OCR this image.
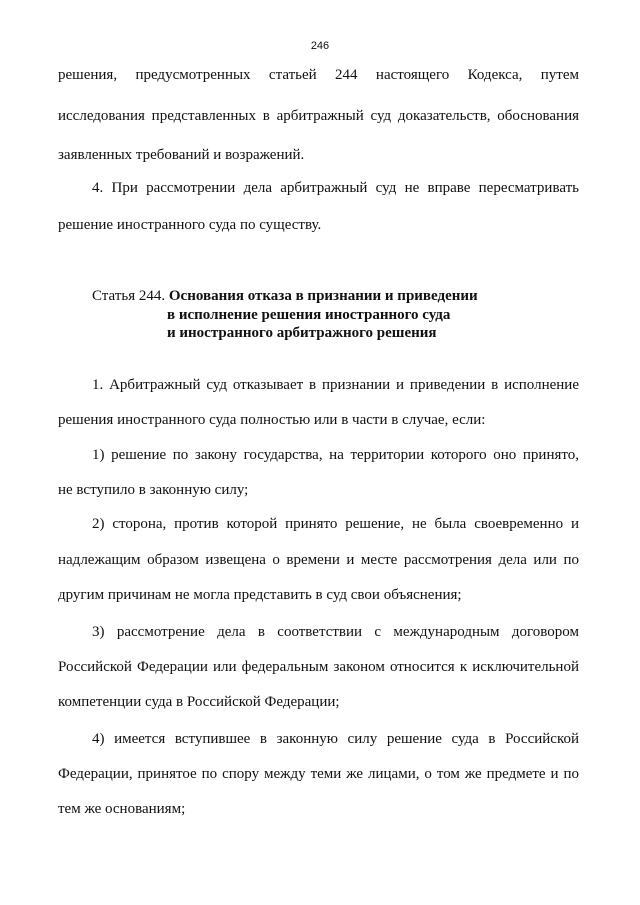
246
решения, предусмотренных статьей 244 настоящего Кодекса, путем
исследования представленных в арбитражный суд доказательств, обоснования
заявленных требований и возражений.
4. При рассмотрении дела арбитражный суд не вправе пересматривать
решение иностранного суда по существу.
Статья 244. Основания отказа в признании и приведении
в исполнение решения иностранного суда
и иностранного арбитражного решения
1. Арбитражный суд отказывает в признании и приведении в исполнение
решения иностранного суда полностью или в части в случае, если:
1) решение по закону государства, на территории которого оно принято,
не вступило в законную силу;
2) сторона, против которой принято решение, не была своевременно и
надлежащим образом извещена о времени и месте рассмотрения дела или по
другим причинам не могла представить в суд свои объяснения;
3) рассмотрение дела в соответствии с международным договором
Российской Федерации или федеральным законом относится к исключительной
компетенции суда в Российской Федерации;
4) имеется вступившее в законную силу решение суда в Российской
Федерации, принятое по спору между теми же лицами, о том же предмете и по
тем же основаниям;
